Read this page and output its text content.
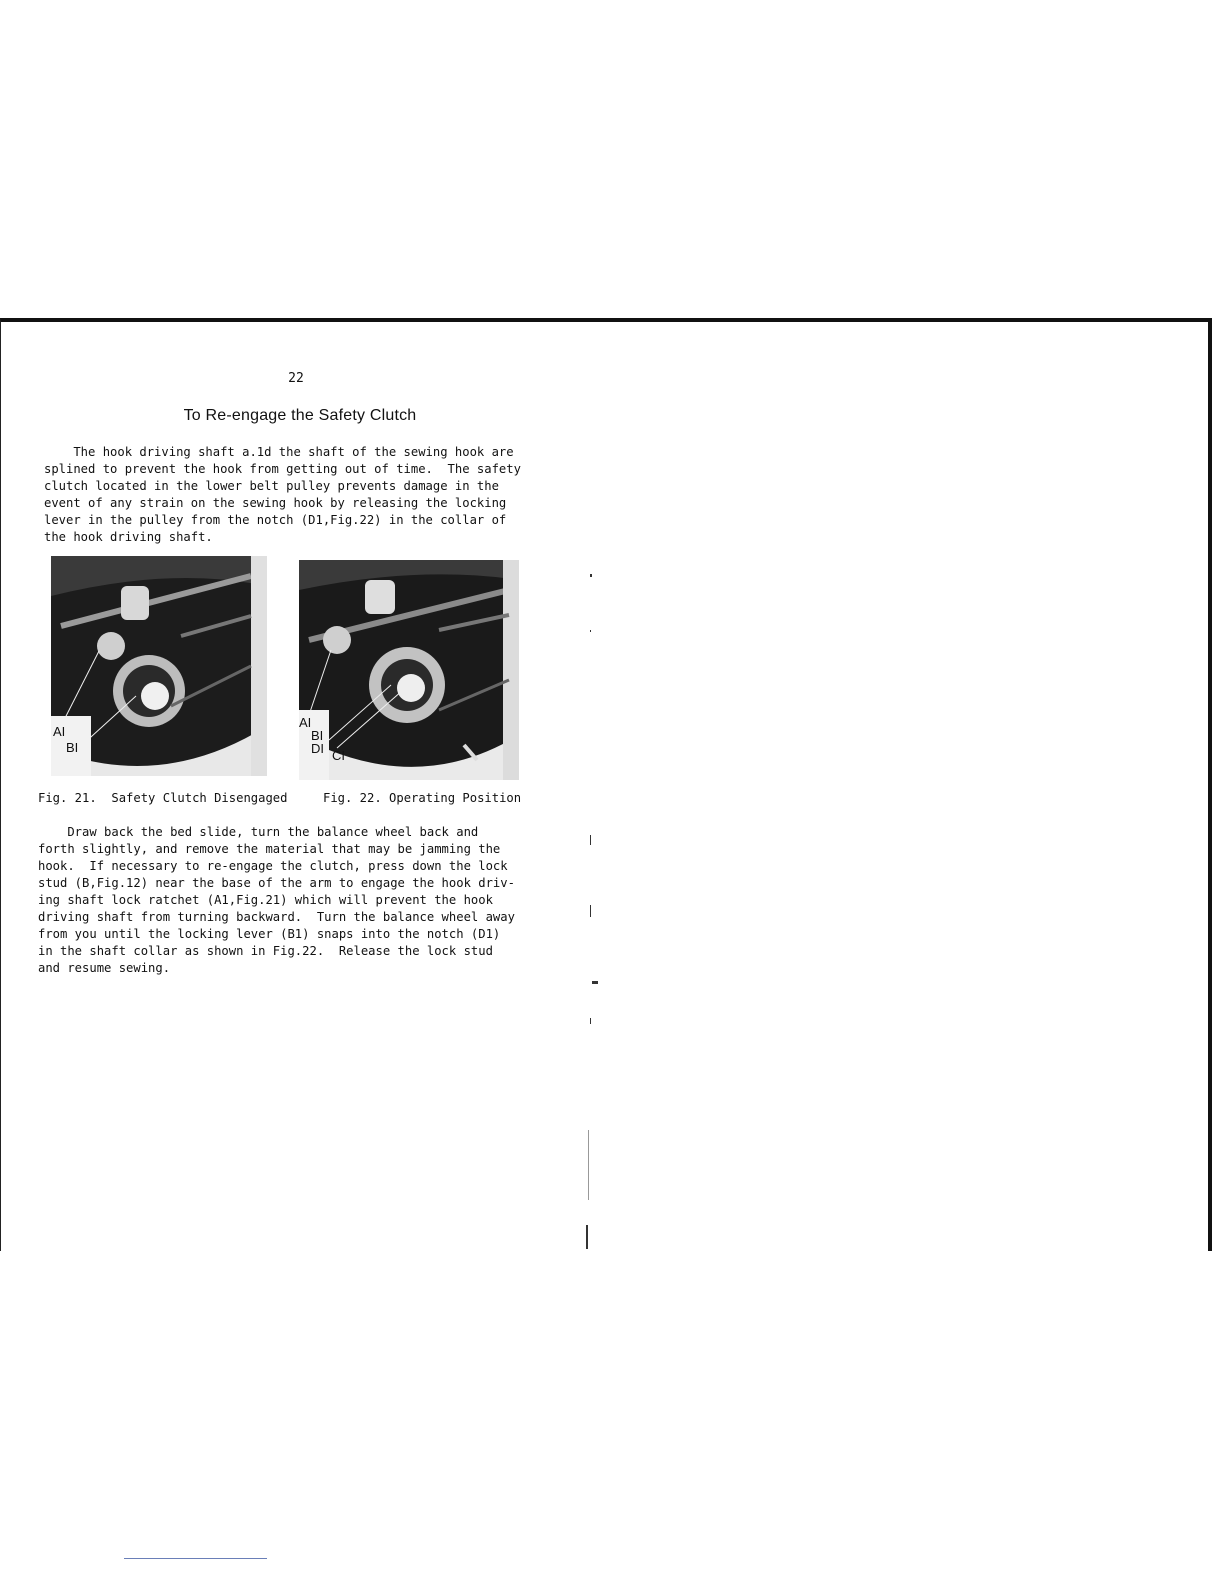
22
To Re-engage the Safety Clutch
The hook driving shaft a.1d the shaft of the sewing hook are
splined to prevent the hook from getting out of time.  The safety
clutch located in the lower belt pulley prevents damage in the
event of any strain on the sewing hook by releasing the locking
lever in the pulley from the notch (D1,Fig.22) in the collar of
the hook driving shaft.
AI
BI
AI
BI
DI CI
Fig. 21.  Safety Clutch Disengaged	Fig. 22. Operating Position
Draw back the bed slide, turn the balance wheel back and
forth slightly, and remove the material that may be jamming the
hook.  If necessary to re-engage the clutch, press down the lock
stud (B,Fig.12) near the base of the arm to engage the hook driv-
ing shaft lock ratchet (A1,Fig.21) which will prevent the hook
driving shaft from turning backward.  Turn the balance wheel away
from you until the locking lever (B1) snaps into the notch (D1)
in the shaft collar as shown in Fig.22.  Release the lock stud
and resume sewing.
